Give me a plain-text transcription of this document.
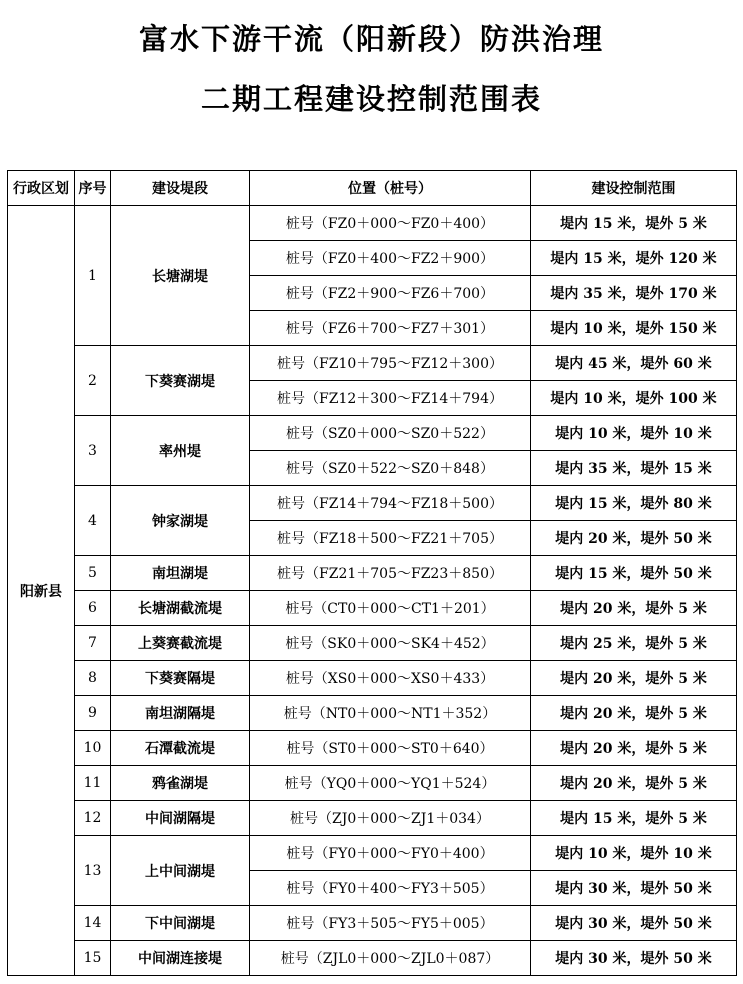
富水下游干流（阳新段）防洪治理
二期工程建设控制范围表
行政区划	序号	建设堤段	位置（桩号）	建设控制范围
阳新县	1	长塘湖堤	桩号（FZ0＋000～FZ0＋400）	堤内 15 米，堤外 5 米
			桩号（FZ0＋400～FZ2＋900）	堤内 15 米，堤外 120 米
			桩号（FZ2＋900～FZ6＋700）	堤内 35 米，堤外 170 米
			桩号（FZ6＋700～FZ7＋301）	堤内 10 米，堤外 150 米
	2	下葵赛湖堤	桩号（FZ10＋795～FZ12＋300）	堤内 45 米，堤外 60 米
			桩号（FZ12＋300～FZ14＋794）	堤内 10 米，堤外 100 米
	3	率州堤	桩号（SZ0＋000～SZ0＋522）	堤内 10 米，堤外 10 米
			桩号（SZ0＋522～SZ0＋848）	堤内 35 米，堤外 15 米
	4	钟家湖堤	桩号（FZ14＋794～FZ18＋500）	堤内 15 米，堤外 80 米
			桩号（FZ18＋500～FZ21＋705）	堤内 20 米，堤外 50 米
	5	南坦湖堤	桩号（FZ21＋705～FZ23＋850）	堤内 15 米，堤外 50 米
	6	长塘湖截流堤	桩号（CT0＋000～CT1＋201）	堤内 20 米，堤外 5 米
	7	上葵赛截流堤	桩号（SK0＋000～SK4＋452）	堤内 25 米，堤外 5 米
	8	下葵赛隔堤	桩号（XS0＋000～XS0＋433）	堤内 20 米，堤外 5 米
	9	南坦湖隔堤	桩号（NT0＋000～NT1＋352）	堤内 20 米，堤外 5 米
	10	石潭截流堤	桩号（ST0＋000～ST0＋640）	堤内 20 米，堤外 5 米
	11	鸦雀湖堤	桩号（YQ0＋000～YQ1＋524）	堤内 20 米，堤外 5 米
	12	中间湖隔堤	桩号（ZJ0＋000～ZJ1＋034）	堤内 15 米，堤外 5 米
	13	上中间湖堤	桩号（FY0＋000～FY0＋400）	堤内 10 米，堤外 10 米
			桩号（FY0＋400～FY3＋505）	堤内 30 米，堤外 50 米
	14	下中间湖堤	桩号（FY3＋505～FY5＋005）	堤内 30 米，堤外 50 米
	15	中间湖连接堤	桩号（ZJL0＋000～ZJL0＋087）	堤内 30 米，堤外 50 米
